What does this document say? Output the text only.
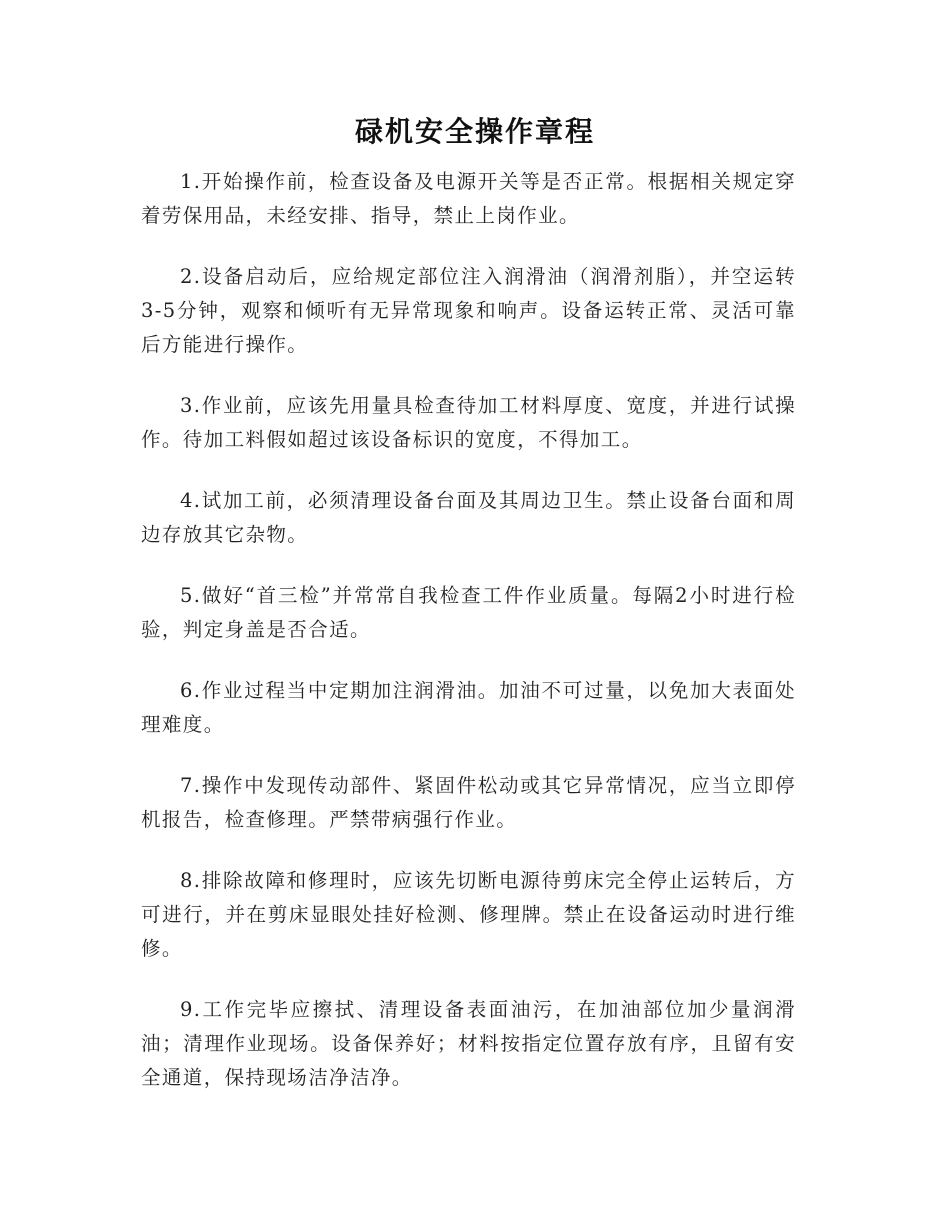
碌机安全操作章程

1.开始操作前，检查设备及电源开关等是否正常。根据相关规定穿着劳保用品，未经安排、指导，禁止上岗作业。

2.设备启动后，应给规定部位注入润滑油（润滑剂脂），并空运转3-5分钟，观察和倾听有无异常现象和响声。设备运转正常、灵活可靠后方能进行操作。

3.作业前，应该先用量具检查待加工材料厚度、宽度，并进行试操作。待加工料假如超过该设备标识的宽度，不得加工。

4.试加工前，必须清理设备台面及其周边卫生。禁止设备台面和周边存放其它杂物。

5.做好“首三检”并常常自我检查工件作业质量。每隔2小时进行检验，判定身盖是否合适。

6.作业过程当中定期加注润滑油。加油不可过量，以免加大表面处理难度。

7.操作中发现传动部件、紧固件松动或其它异常情况，应当立即停机报告，检查修理。严禁带病强行作业。

8.排除故障和修理时，应该先切断电源待剪床完全停止运转后，方可进行，并在剪床显眼处挂好检测、修理牌。禁止在设备运动时进行维修。

9.工作完毕应擦拭、清理设备表面油污，在加油部位加少量润滑油；清理作业现场。设备保养好；材料按指定位置存放有序，且留有安全通道，保持现场洁净洁净。
